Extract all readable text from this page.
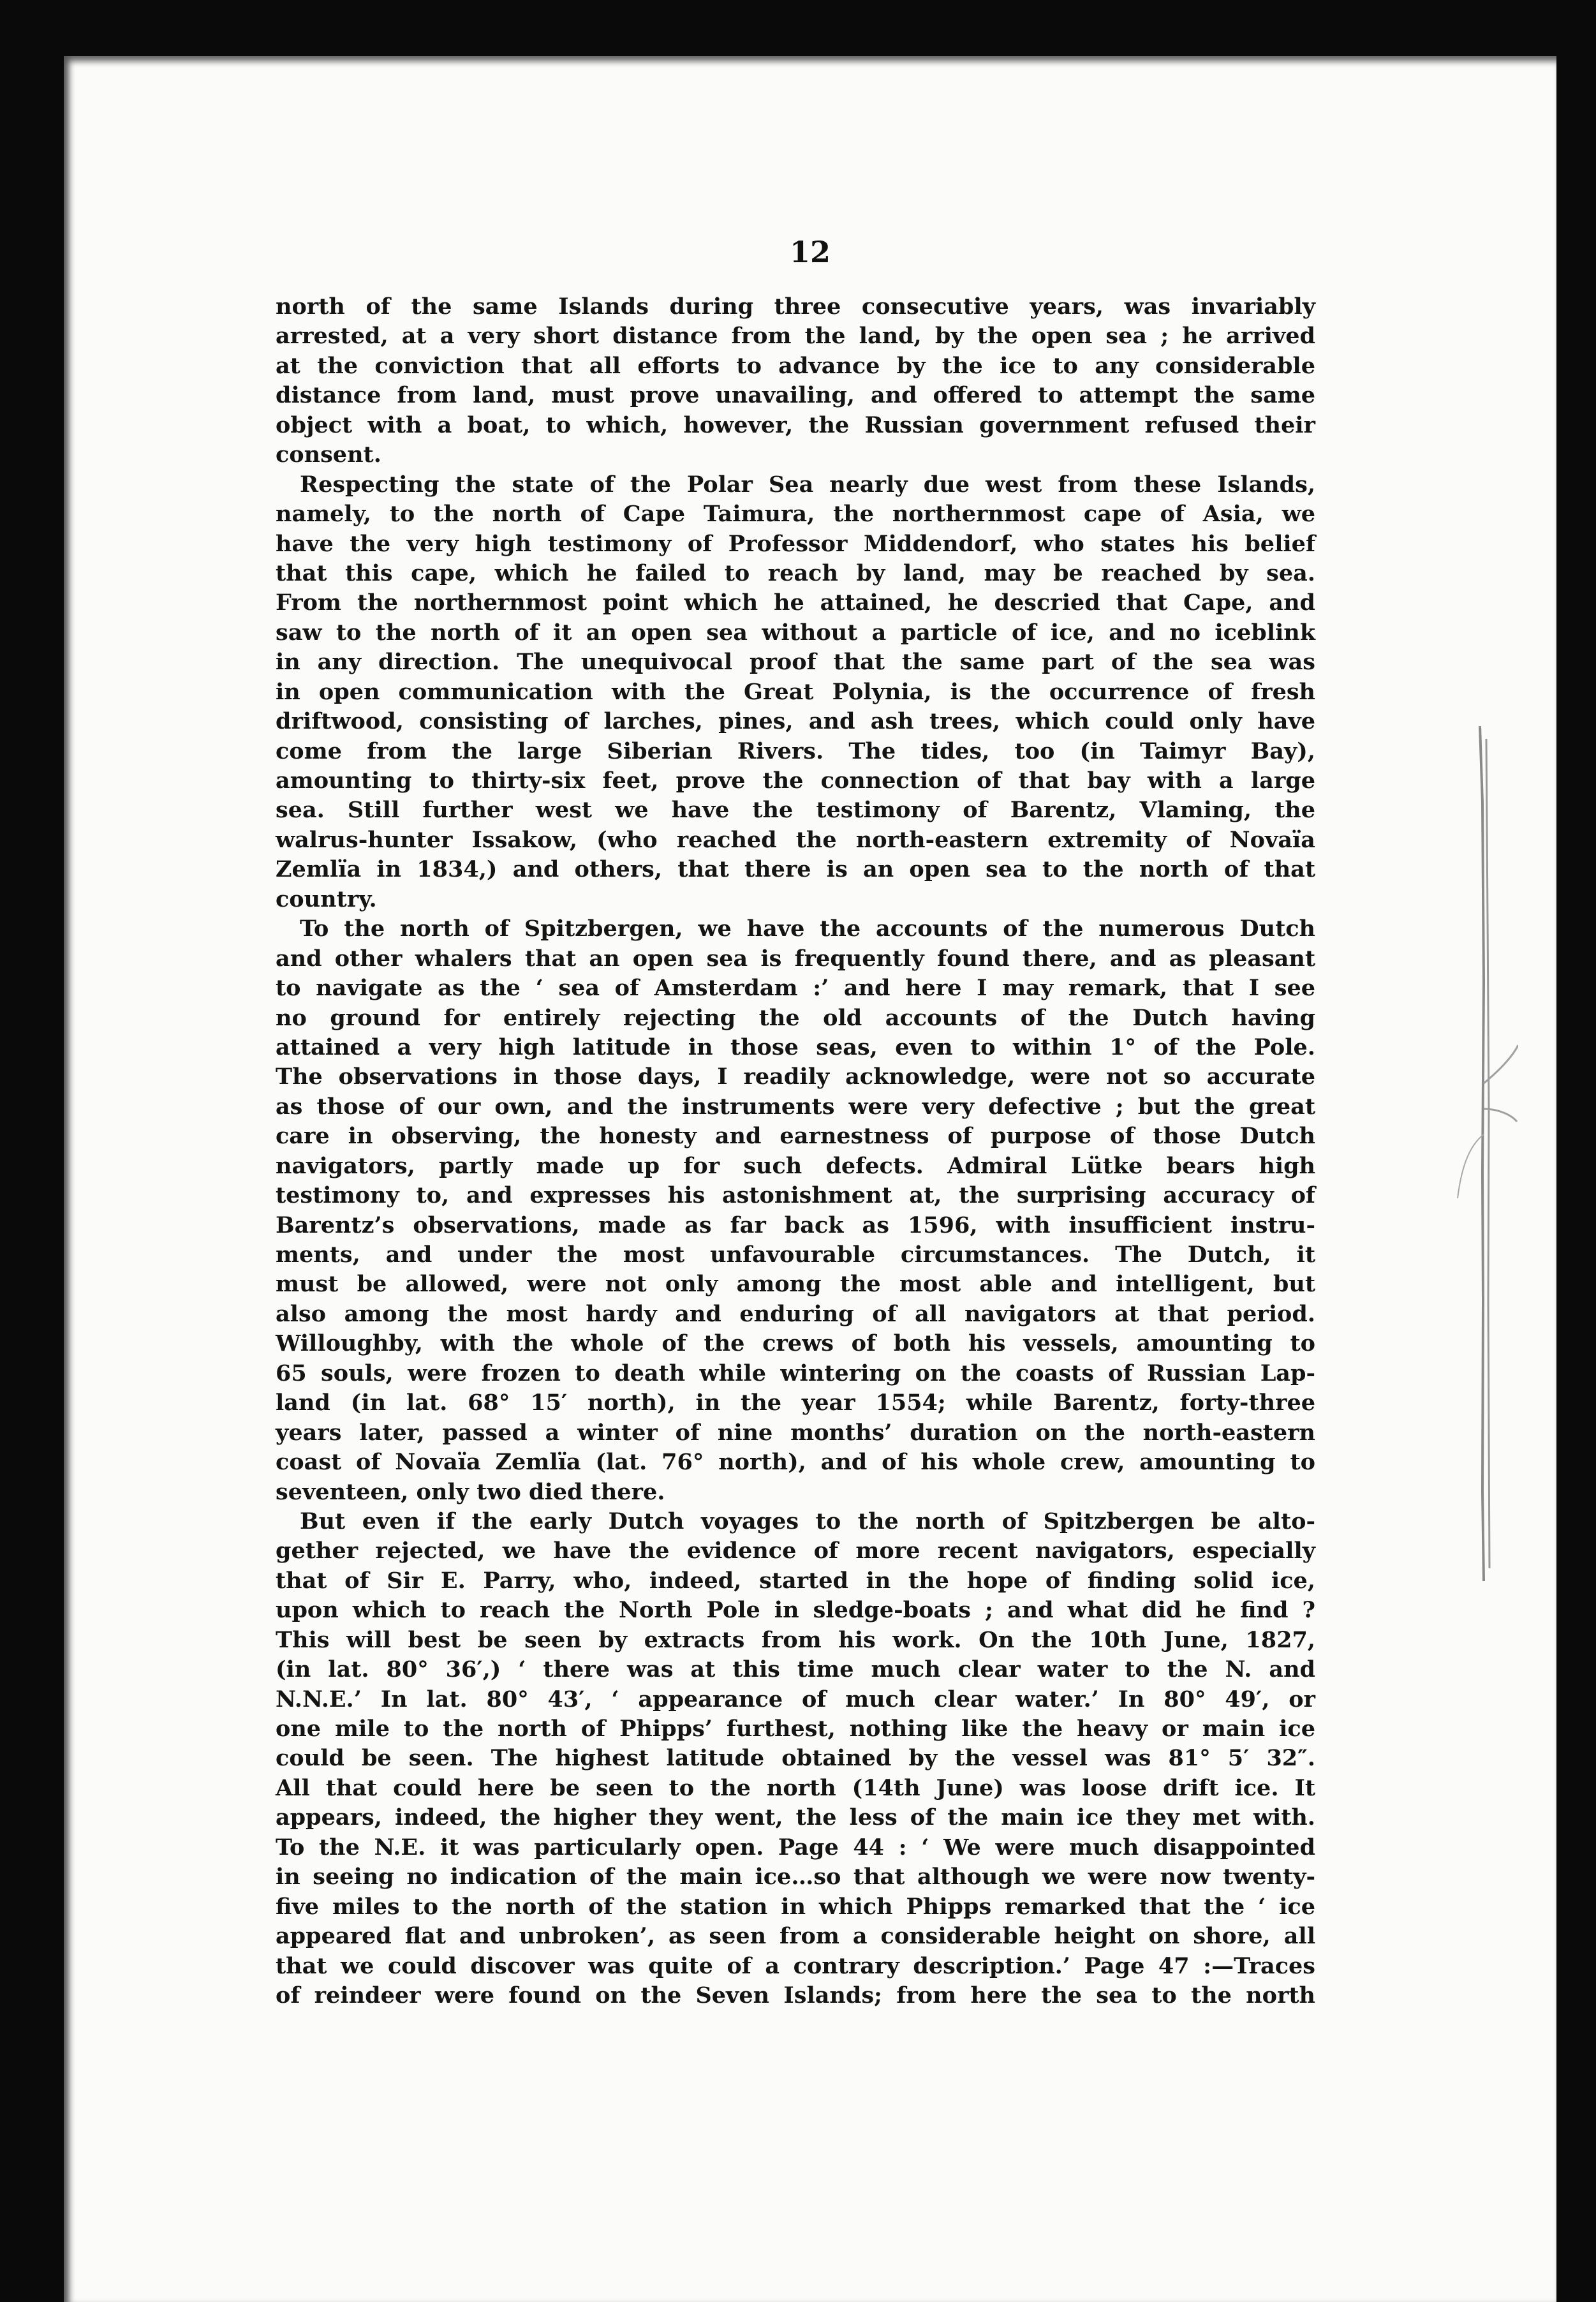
12
north of the same Islands during three consecutive years, was invariably
arrested, at a very short distance from the land, by the open sea ; he arrived
at the conviction that all efforts to advance by the ice to any considerable
distance from land, must prove unavailing, and offered to attempt the same
object with a boat, to which, however, the Russian government refused their
consent.
Respecting the state of the Polar Sea nearly due west from these Islands,
namely, to the north of Cape Taimura, the northernmost cape of Asia, we
have the very high testimony of Professor Middendorf, who states his belief
that this cape, which he failed to reach by land, may be reached by sea.
From the northernmost point which he attained, he descried that Cape, and
saw to the north of it an open sea without a particle of ice, and no iceblink
in any direction. The unequivocal proof that the same part of the sea was
in open communication with the Great Polynia, is the occurrence of fresh
driftwood, consisting of larches, pines, and ash trees, which could only have
come from the large Siberian Rivers. The tides, too (in Taimyr Bay),
amounting to thirty-six feet, prove the connection of that bay with a large
sea. Still further west we have the testimony of Barentz, Vlaming, the
walrus-hunter Issakow, (who reached the north-eastern extremity of Novaïa
Zemlïa in 1834,) and others, that there is an open sea to the north of that
country.
To the north of Spitzbergen, we have the accounts of the numerous Dutch
and other whalers that an open sea is frequently found there, and as pleasant
to navigate as the ‘ sea of Amsterdam :’ and here I may remark, that I see
no ground for entirely rejecting the old accounts of the Dutch having
attained a very high latitude in those seas, even to within 1° of the Pole.
The observations in those days, I readily acknowledge, were not so accurate
as those of our own, and the instruments were very defective ; but the great
care in observing, the honesty and earnestness of purpose of those Dutch
navigators, partly made up for such defects. Admiral Lütke bears high
testimony to, and expresses his astonishment at, the surprising accuracy of
Barentz’s observations, made as far back as 1596, with insufficient instru-
ments, and under the most unfavourable circumstances. The Dutch, it
must be allowed, were not only among the most able and intelligent, but
also among the most hardy and enduring of all navigators at that period.
Willoughby, with the whole of the crews of both his vessels, amounting to
65 souls, were frozen to death while wintering on the coasts of Russian Lap-
land (in lat. 68° 15′ north), in the year 1554; while Barentz, forty-three
years later, passed a winter of nine months’ duration on the north-eastern
coast of Novaïa Zemlïa (lat. 76° north), and of his whole crew, amounting to
seventeen, only two died there.
But even if the early Dutch voyages to the north of Spitzbergen be alto-
gether rejected, we have the evidence of more recent navigators, especially
that of Sir E. Parry, who, indeed, started in the hope of finding solid ice,
upon which to reach the North Pole in sledge-boats ; and what did he find ?
This will best be seen by extracts from his work. On the 10th June, 1827,
(in lat. 80° 36′,) ‘ there was at this time much clear water to the N. and
N.N.E.’ In lat. 80° 43′, ‘ appearance of much clear water.’ In 80° 49′, or
one mile to the north of Phipps’ furthest, nothing like the heavy or main ice
could be seen. The highest latitude obtained by the vessel was 81° 5′ 32″.
All that could here be seen to the north (14th June) was loose drift ice. It
appears, indeed, the higher they went, the less of the main ice they met with.
To the N.E. it was particularly open. Page 44 : ‘ We were much disappointed
in seeing no indication of the main ice…so that although we were now twenty-
five miles to the north of the station in which Phipps remarked that the ‘ ice
appeared flat and unbroken’, as seen from a considerable height on shore, all
that we could discover was quite of a contrary description.’ Page 47 :—Traces
of reindeer were found on the Seven Islands; from here the sea to the north
